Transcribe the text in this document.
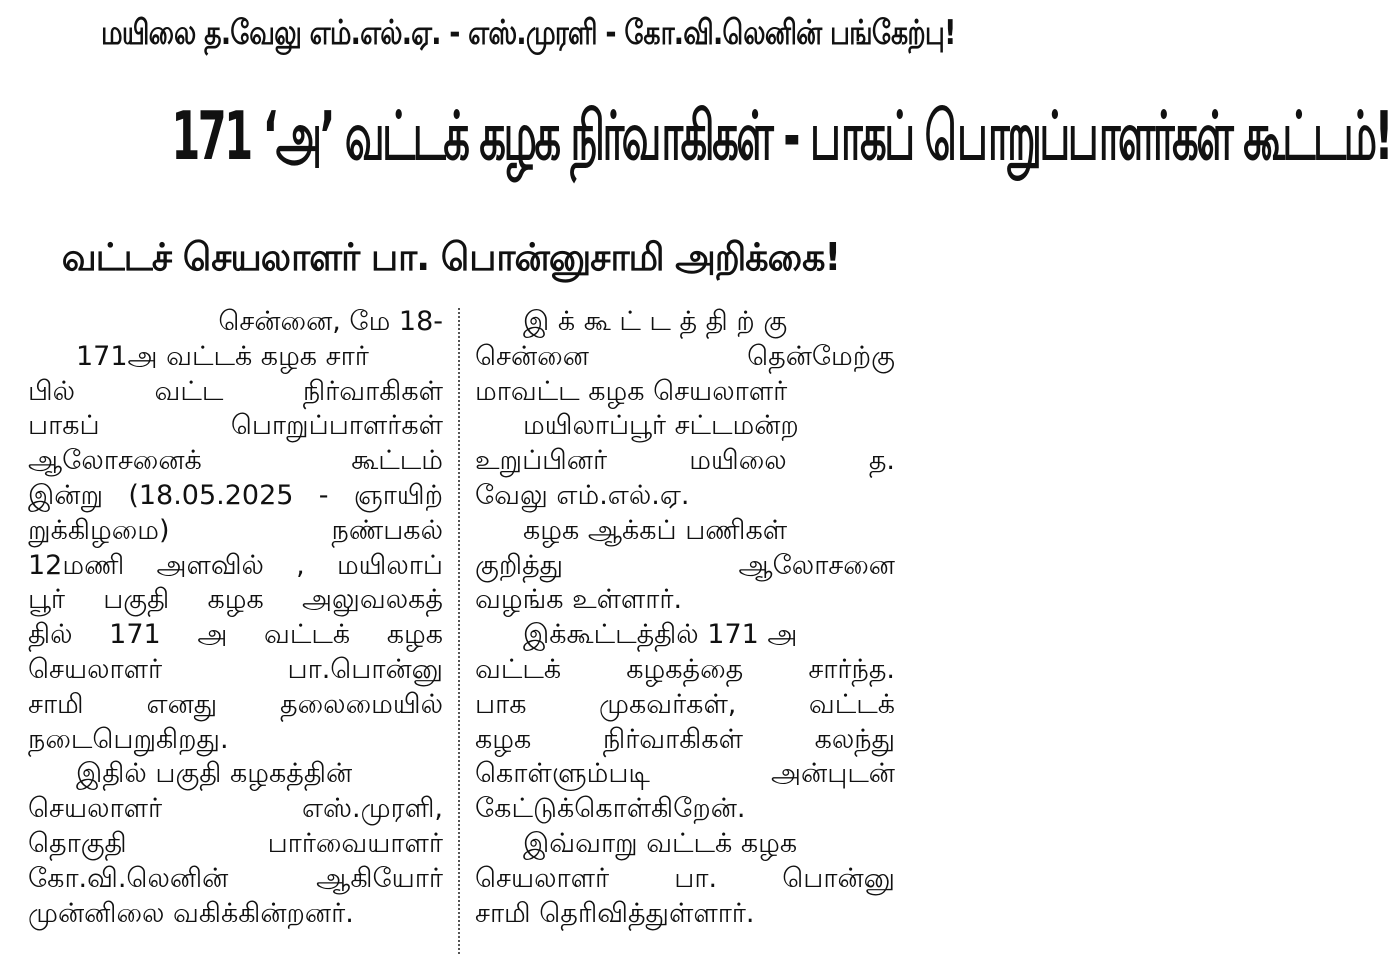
மயிலை த.வேலு எம்.எல்.ஏ. - எஸ்.முரளி - கோ.வி.லெனின் பங்கேற்பு!
171 ‘அ’ வட்டக் கழக நிர்வாகிகள் - பாகப் பொறுப்பாளர்கள் கூட்டம்!
வட்டச் செயலாளர் பா. பொன்னுசாமி அறிக்கை!
சென்னை, மே 18-
171அ வட்டக் கழக சார்
பில் வட்ட நிர்வாகிகள்
பாகப் பொறுப்பாளர்கள்
ஆலோசனைக் கூட்டம்
இன்று (18.05.2025 - ஞாயிற்
றுக்கிழமை) நண்பகல்
12மணி அளவில் , மயிலாப்
பூர் பகுதி கழக அலுவலகத்
தில் 171 அ வட்டக் கழக
செயலாளர் பா.பொன்னு
சாமி எனது தலைமையில்
நடைபெறுகிறது.
இதில் பகுதி கழகத்தின்
செயலாளர் எஸ்.முரளி,
தொகுதி பார்வையாளர்
கோ.வி.லெனின் ஆகியோர்
முன்னிலை வகிக்கின்றனர்.
இ க் கூ ட் ட த் தி ற் கு
சென்னை தென்மேற்கு
மாவட்ட கழக செயலாளர்
மயிலாப்பூர் சட்டமன்ற
உறுப்பினர் மயிலை த.
வேலு எம்.எல்.ஏ.
கழக ஆக்கப் பணிகள்
குறித்து ஆலோசனை
வழங்க உள்ளார்.
இக்கூட்டத்தில் 171 அ
வட்டக் கழகத்தை சார்ந்த.
பாக முகவர்கள், வட்டக்
கழக நிர்வாகிகள் கலந்து
கொள்ளும்படி அன்புடன்
கேட்டுக்கொள்கிறேன்.
இவ்வாறு வட்டக் கழக
செயலாளர் பா. பொன்னு
சாமி தெரிவித்துள்ளார்.
